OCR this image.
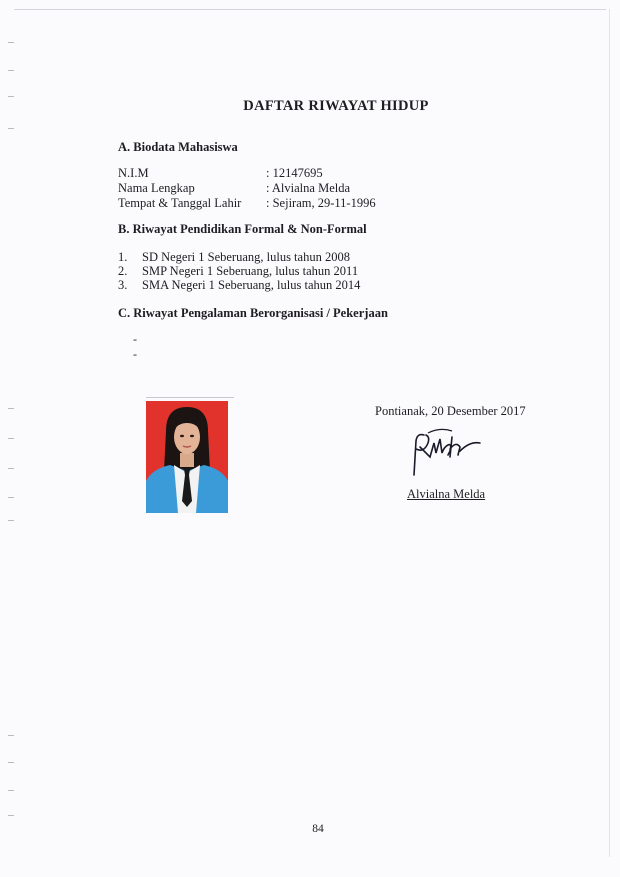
DAFTAR RIWAYAT HIDUP
A. Biodata Mahasiswa
N.I.M	: 12147695
Nama Lengkap	: Alvialna Melda
Tempat & Tanggal Lahir : Sejiram, 29-11-1996
B. Riwayat Pendidikan Formal & Non-Formal
1.	SD Negeri 1 Seberuang, lulus tahun 2008
2.	SMP Negeri 1 Seberuang, lulus tahun 2011
3.	SMA Negeri 1 Seberuang, lulus tahun 2014
C. Riwayat Pengalaman Berorganisasi / Pekerjaan
-
-
Pontianak, 20 Desember 2017
Alvialna Melda
84
